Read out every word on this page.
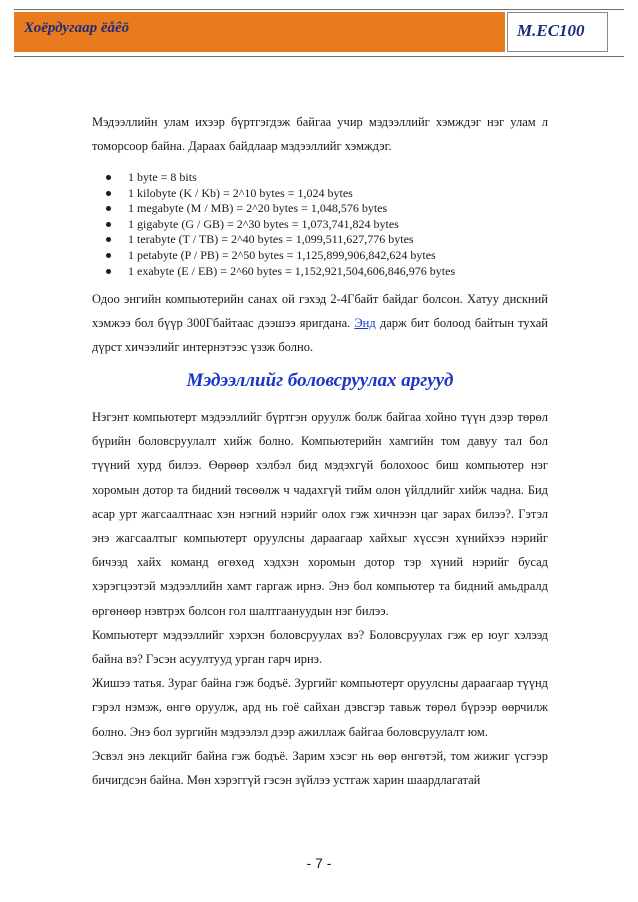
Хоёрдугаар ёåêö	M.EC100

Мэдээллийн улам ихээр бүртгэгдэж байгаа учир мэдээллийг хэмждэг нэг улам л томорсоор байна. Дараах байдлаар мэдээллийг хэмждэг.

1 byte = 8 bits
1 kilobyte (K / Kb) = 2^10 bytes = 1,024 bytes
1 megabyte (M / MB) = 2^20 bytes = 1,048,576 bytes
1 gigabyte (G / GB) = 2^30 bytes = 1,073,741,824 bytes
1 terabyte (T / TB) = 2^40 bytes = 1,099,511,627,776 bytes
1 petabyte (P / PB) = 2^50 bytes = 1,125,899,906,842,624 bytes
1 exabyte (E / EB) = 2^60 bytes = 1,152,921,504,606,846,976 bytes

Одоо энгийн компьютерийн санах ой гэхэд 2-4Гбайт байдаг болсон. Хатуу дискний хэмжээ бол бүүр 300Гбайтаас дээшээ яригдана. Энд дарж бит болоод байтын тухай дүрст хичээлийг интернэтээс үзэж болно.

Мэдээллийг боловсруулах аргууд

Нэгэнт компьютерт мэдээллийг бүртгэн оруулж болж байгаа хойно түүн дээр төрөл бүрийн боловсруулалт хийж болно. Компьютерийн хамгийн том давуу тал бол түүний хурд билээ. Өөрөөр хэлбэл бид мэдэхгүй болохоос биш компьютер нэг хоромын дотор та бидний төсөөлж ч чадахгүй тийм олон үйлдлийг хийж чадна. Бид асар урт жагсаалтнаас хэн нэгний нэрийг олох гэж хичнээн цаг зарах билээ?. Гэтэл энэ жагсаалтыг компьютерт оруулсны дараагаар хайхыг хүссэн хүнийхээ нэрийг бичээд хайх команд өгөхөд хэдхэн хоромын дотор тэр хүний нэрийг бусад хэрэгцээтэй мэдээллийн хамт гаргаж ирнэ. Энэ бол компьютер та бидний амьдралд өргөнөөр нэвтрэх болсон гол шалтгаануудын нэг билээ.

Компьютерт мэдээллийг хэрхэн боловсруулах вэ? Боловсруулах гэж ер юуг хэлээд байна вэ? Гэсэн асуултууд урган гарч ирнэ.

Жишээ татья. Зураг байна гэж бодъё. Зургийг компьютерт оруулсны дараагаар түүнд гэрэл нэмэж, өнгө оруулж, ард нь гоё сайхан дэвсгэр тавьж төрөл бүрээр өөрчилж болно. Энэ бол зургийн мэдээлэл дээр ажиллаж байгаа боловсруулалт юм.

Эсвэл энэ лекцийг байна гэж бодъё. Зарим хэсэг нь өөр өнгөтэй, том жижиг үсгээр бичигдсэн байна. Мөн хэрэггүй гэсэн зүйлээ устгаж харин шаардлагатай

- 7 -
